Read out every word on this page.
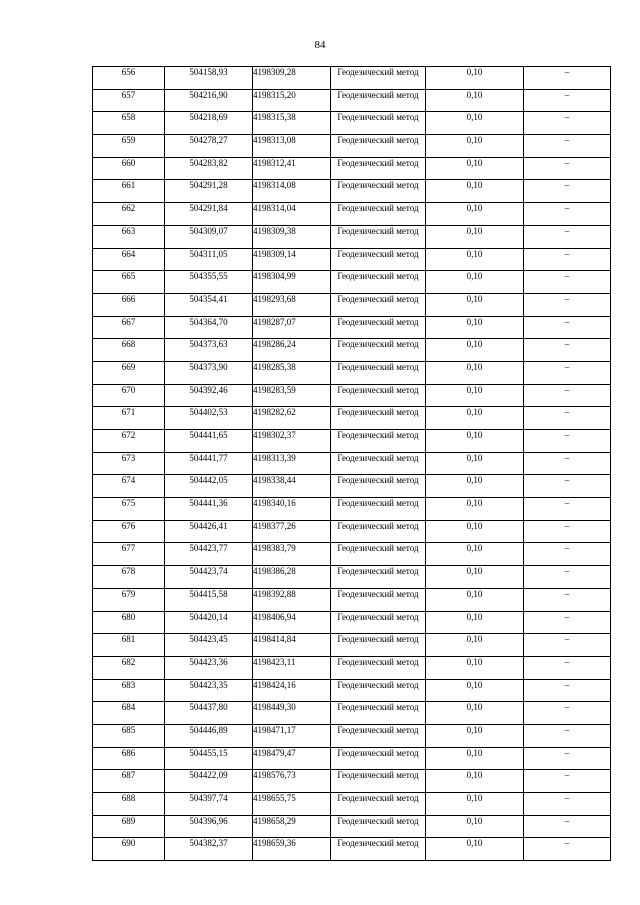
84
656	504158,93	4198309,28	Геодезический метод	0,10	–
657	504216,90	4198315,20	Геодезический метод	0,10	–
658	504218,69	4198315,38	Геодезический метод	0,10	–
659	504278,27	4198313,08	Геодезический метод	0,10	–
660	504283,82	4198312,41	Геодезический метод	0,10	–
661	504291,28	4198314,08	Геодезический метод	0,10	–
662	504291,84	4198314,04	Геодезический метод	0,10	–
663	504309,07	4198309,38	Геодезический метод	0,10	–
664	504311,05	4198309,14	Геодезический метод	0,10	–
665	504355,55	4198304,99	Геодезический метод	0,10	–
666	504354,41	4198293,68	Геодезический метод	0,10	–
667	504364,70	4198287,07	Геодезический метод	0,10	–
668	504373,63	4198286,24	Геодезический метод	0,10	–
669	504373,90	4198285,38	Геодезический метод	0,10	–
670	504392,46	4198283,59	Геодезический метод	0,10	–
671	504402,53	4198282,62	Геодезический метод	0,10	–
672	504441,65	4198302,37	Геодезический метод	0,10	–
673	504441,77	4198313,39	Геодезический метод	0,10	–
674	504442,05	4198338,44	Геодезический метод	0,10	–
675	504441,36	4198340,16	Геодезический метод	0,10	–
676	504426,41	4198377,26	Геодезический метод	0,10	–
677	504423,77	4198383,79	Геодезический метод	0,10	–
678	504423,74	4198386,28	Геодезический метод	0,10	–
679	504415,58	4198392,88	Геодезический метод	0,10	–
680	504420,14	4198406,94	Геодезический метод	0,10	–
681	504423,45	4198414,84	Геодезический метод	0,10	–
682	504423,36	4198423,11	Геодезический метод	0,10	–
683	504423,35	4198424,16	Геодезический метод	0,10	–
684	504437,80	4198449,30	Геодезический метод	0,10	–
685	504446,89	4198471,17	Геодезический метод	0,10	–
686	504455,15	4198479,47	Геодезический метод	0,10	–
687	504422,09	4198576,73	Геодезический метод	0,10	–
688	504397,74	4198655,75	Геодезический метод	0,10	–
689	504396,96	4198658,29	Геодезический метод	0,10	–
690	504382,37	4198659,36	Геодезический метод	0,10	–
